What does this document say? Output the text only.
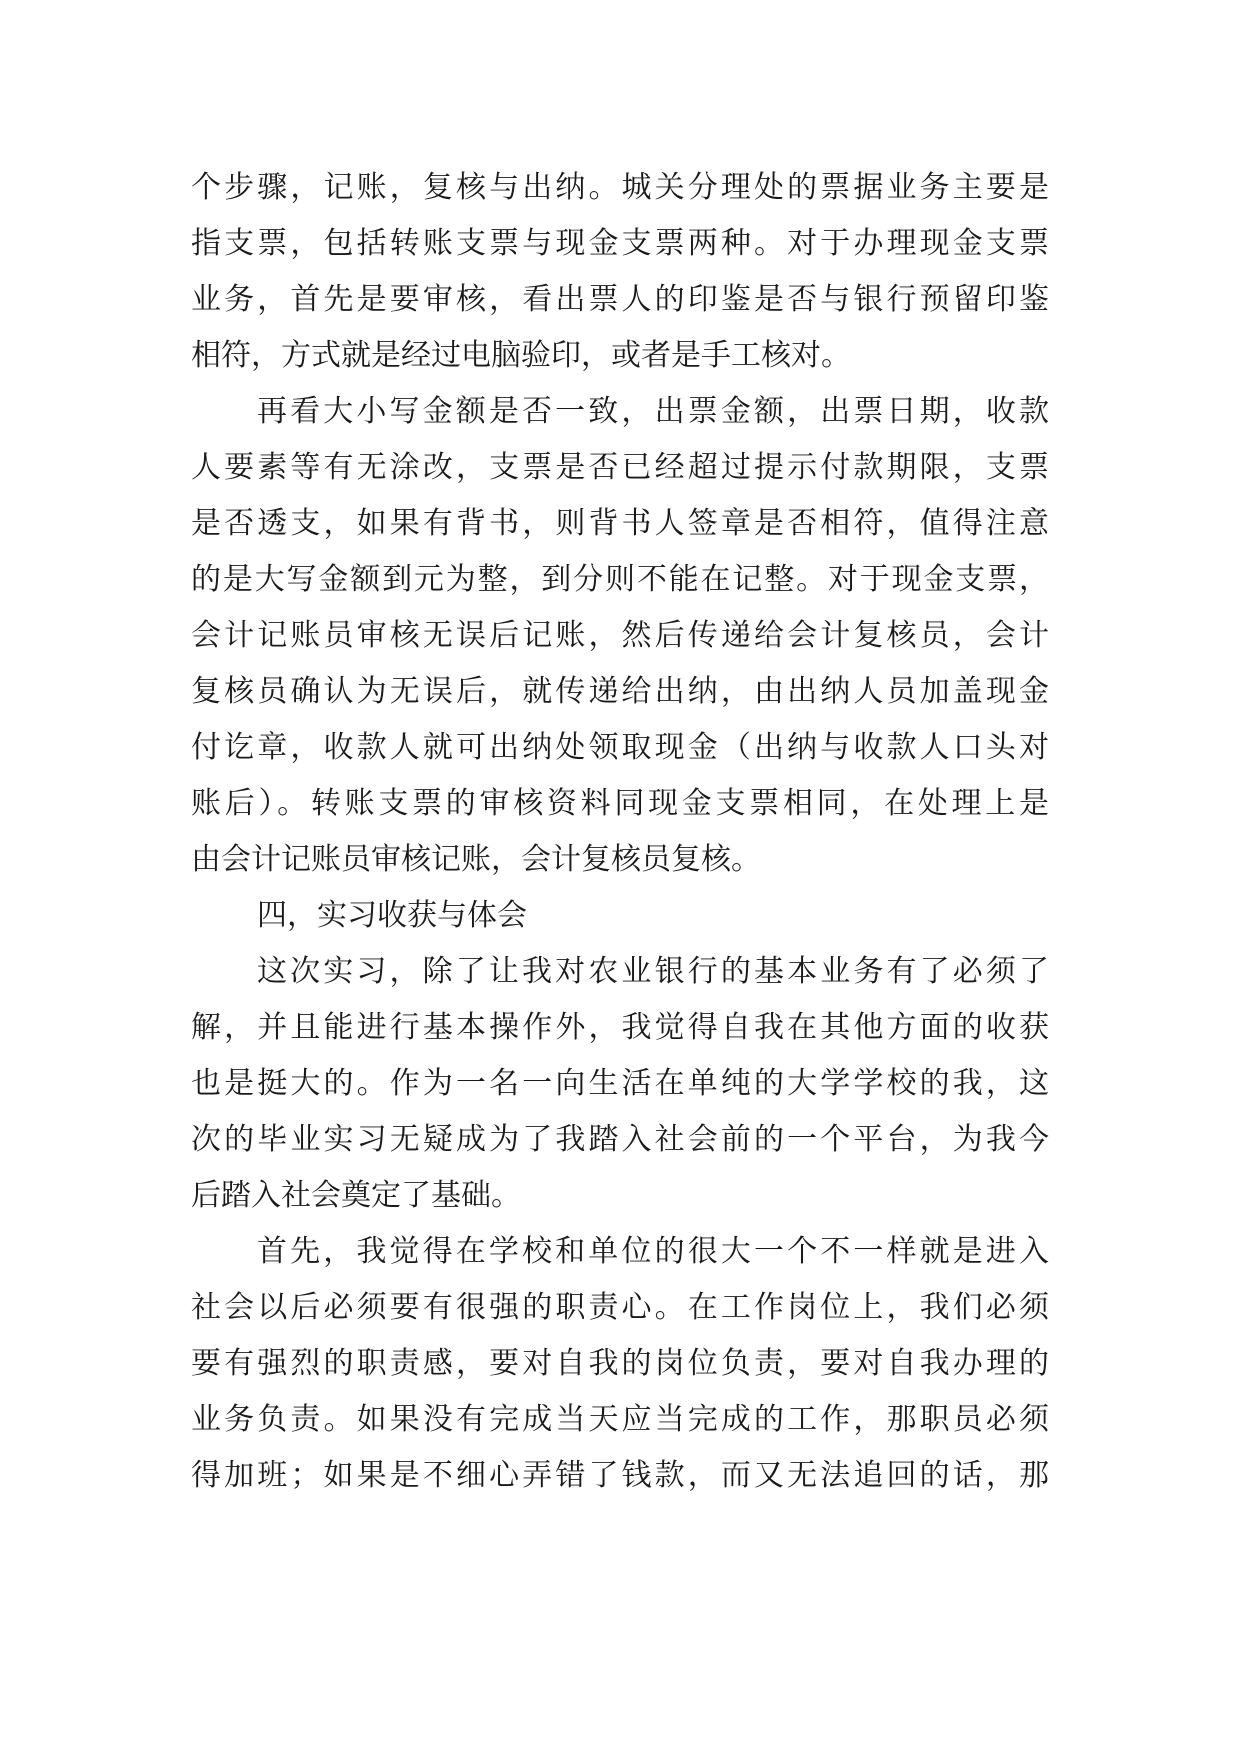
个步骤，记账，复核与出纳。城关分理处的票据业务主要是
指支票，包括转账支票与现金支票两种。对于办理现金支票
业务，首先是要审核，看出票人的印鉴是否与银行预留印鉴
相符，方式就是经过电脑验印，或者是手工核对。
再看大小写金额是否一致，出票金额，出票日期，收款
人要素等有无涂改，支票是否已经超过提示付款期限，支票
是否透支，如果有背书，则背书人签章是否相符，值得注意
的是大写金额到元为整，到分则不能在记整。对于现金支票，
会计记账员审核无误后记账，然后传递给会计复核员，会计
复核员确认为无误后，就传递给出纳，由出纳人员加盖现金
付讫章，收款人就可出纳处领取现金（出纳与收款人口头对
账后）。转账支票的审核资料同现金支票相同，在处理上是
由会计记账员审核记账，会计复核员复核。
四，实习收获与体会
这次实习，除了让我对农业银行的基本业务有了必须了
解，并且能进行基本操作外，我觉得自我在其他方面的收获
也是挺大的。作为一名一向生活在单纯的大学学校的我，这
次的毕业实习无疑成为了我踏入社会前的一个平台，为我今
后踏入社会奠定了基础。
首先，我觉得在学校和单位的很大一个不一样就是进入
社会以后必须要有很强的职责心。在工作岗位上，我们必须
要有强烈的职责感，要对自我的岗位负责，要对自我办理的
业务负责。如果没有完成当天应当完成的工作，那职员必须
得加班；如果是不细心弄错了钱款，而又无法追回的话，那
